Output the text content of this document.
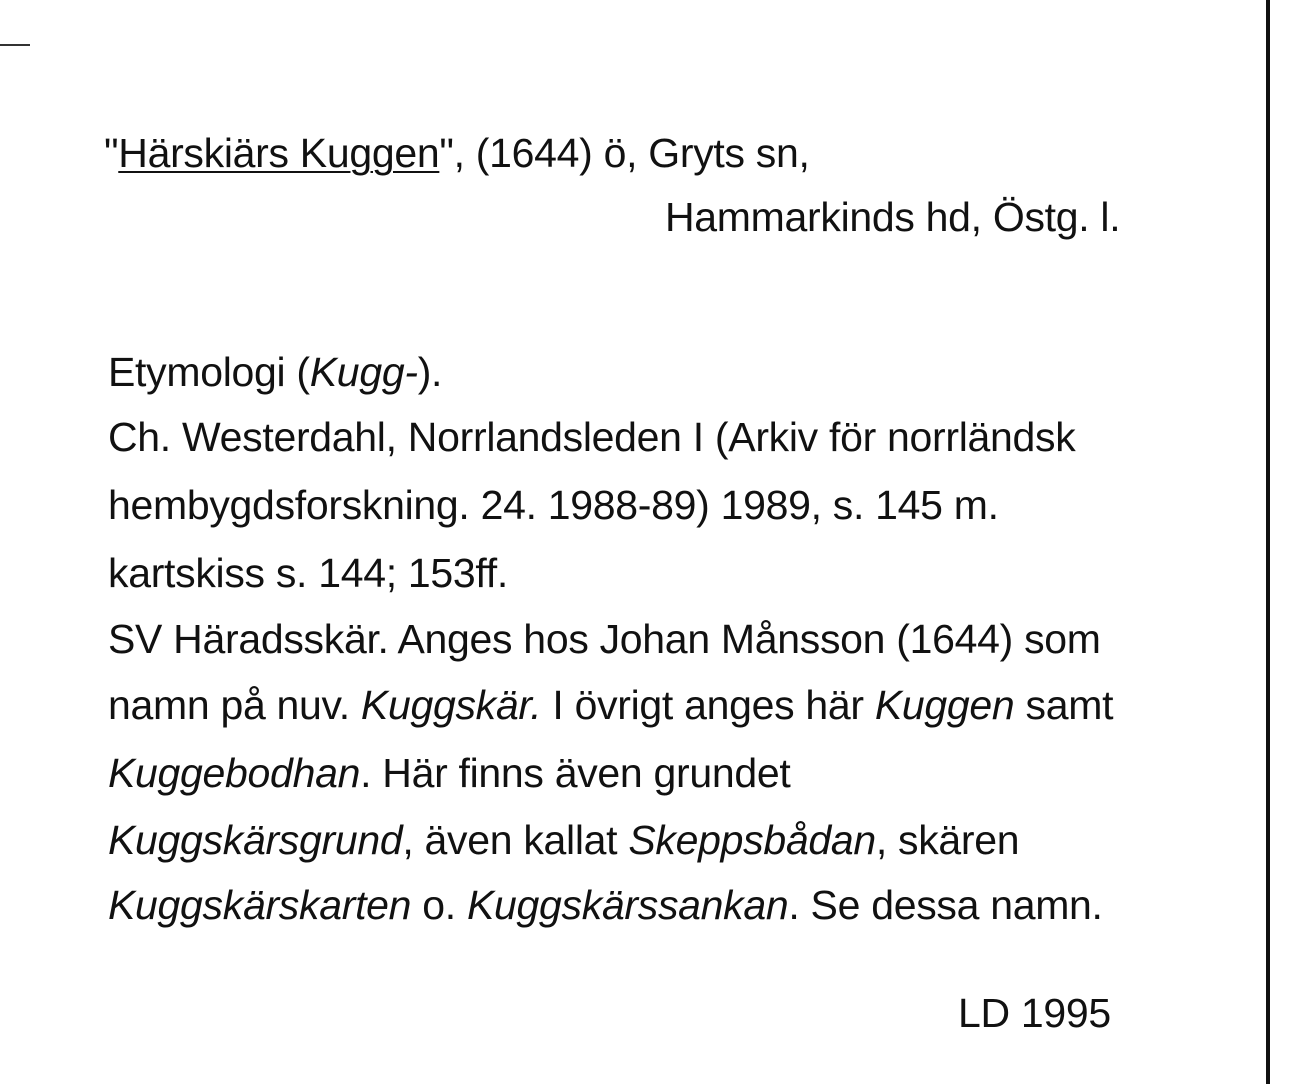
"Härskiärs Kuggen", (1644) ö, Gryts sn,
Hammarkinds hd, Östg. l.
Etymologi (Kugg-).
Ch. Westerdahl, Norrlandsleden I (Arkiv för norrländsk
hembygdsforskning. 24. 1988-89) 1989, s. 145 m.
kartskiss s. 144; 153ff.
SV Häradsskär. Anges hos Johan Månsson (1644) som
namn på nuv. Kuggskär. I övrigt anges här Kuggen samt
Kuggebodhan. Här finns även grundet
Kuggskärsgrund, även kallat Skeppsbådan, skären
Kuggskärskarten o. Kuggskärssankan. Se dessa namn.
LD 1995
